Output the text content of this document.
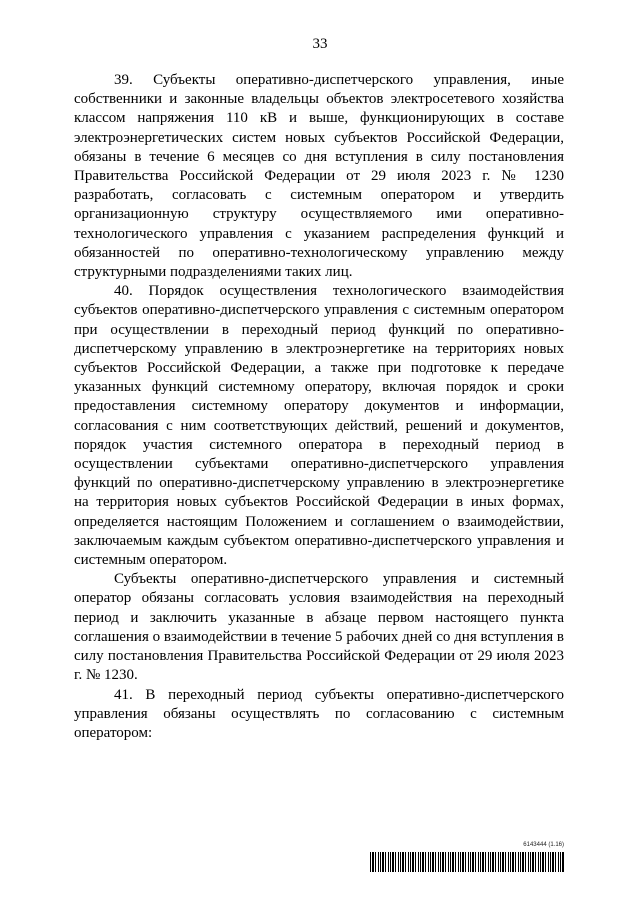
33

39. Субъекты оперативно-диспетчерского управления, иные собственники и законные владельцы объектов электросетевого хозяйства классом напряжения 110 кВ и выше, функционирующих в составе электроэнергетических систем новых субъектов Российской Федерации, обязаны в течение 6 месяцев со дня вступления в силу постановления Правительства Российской Федерации от 29 июля 2023 г. № 1230 разработать, согласовать с системным оператором и утвердить организационную структуру осуществляемого ими оперативно-технологического управления с указанием распределения функций и обязанностей по оперативно-технологическому управлению между структурными подразделениями таких лиц.

40. Порядок осуществления технологического взаимодействия субъектов оперативно-диспетчерского управления с системным оператором при осуществлении в переходный период функций по оперативно-диспетчерскому управлению в электроэнергетике на территориях новых субъектов Российской Федерации, а также при подготовке к передаче указанных функций системному оператору, включая порядок и сроки предоставления системному оператору документов и информации, согласования с ним соответствующих действий, решений и документов, порядок участия системного оператора в переходный период в осуществлении субъектами оперативно-диспетчерского управления функций по оперативно-диспетчерскому управлению в электроэнергетике на территория новых субъектов Российской Федерации в иных формах, определяется настоящим Положением и соглашением о взаимодействии, заключаемым каждым субъектом оперативно-диспетчерского управления и системным оператором.

Субъекты оперативно-диспетчерского управления и системный оператор обязаны согласовать условия взаимодействия на переходный период и заключить указанные в абзаце первом настоящего пункта соглашения о взаимодействии в течение 5 рабочих дней со дня вступления в силу постановления Правительства Российской Федерации от 29 июля 2023 г. № 1230.

41. В переходный период субъекты оперативно-диспетчерского управления обязаны осуществлять по согласованию с системным оператором:

6143444 (1.16)
